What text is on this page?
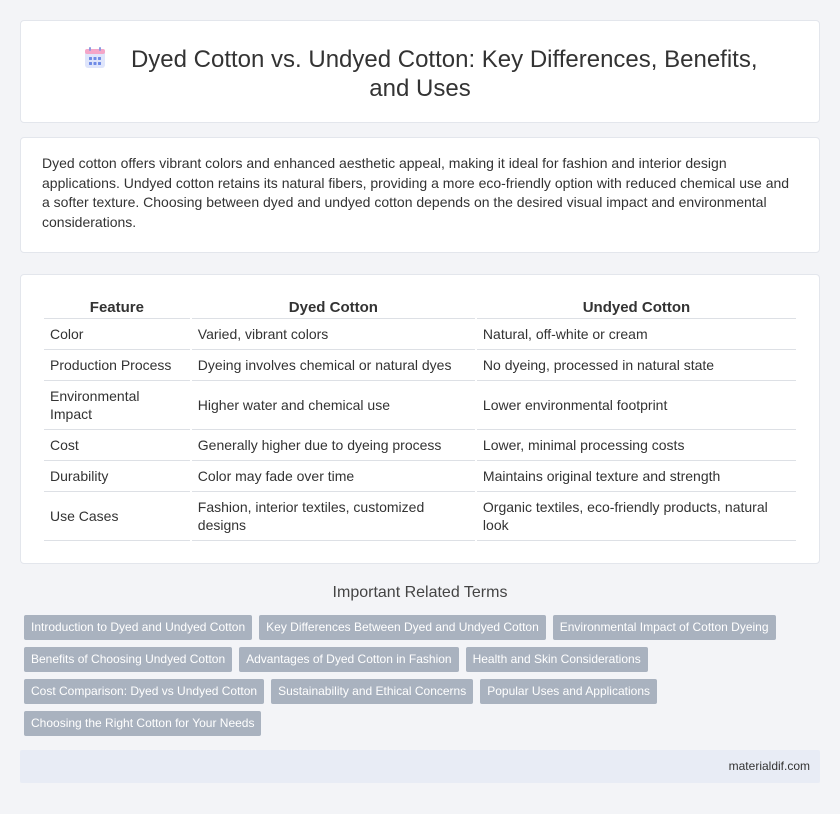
Dyed Cotton vs. Undyed Cotton: Key Differences, Benefits, and Uses

Dyed cotton offers vibrant colors and enhanced aesthetic appeal, making it ideal for fashion and interior design applications. Undyed cotton retains its natural fibers, providing a more eco-friendly option with reduced chemical use and a softer texture. Choosing between dyed and undyed cotton depends on the desired visual impact and environmental considerations.

Feature	Dyed Cotton	Undyed Cotton
Color	Varied, vibrant colors	Natural, off-white or cream
Production Process	Dyeing involves chemical or natural dyes	No dyeing, processed in natural state
Environmental Impact	Higher water and chemical use	Lower environmental footprint
Cost	Generally higher due to dyeing process	Lower, minimal processing costs
Durability	Color may fade over time	Maintains original texture and strength
Use Cases	Fashion, interior textiles, customized designs	Organic textiles, eco-friendly products, natural look
Important Related Terms
Introduction to Dyed and Undyed Cotton Key Differences Between Dyed and Undyed Cotton Environmental Impact of Cotton Dyeing
Benefits of Choosing Undyed Cotton Advantages of Dyed Cotton in Fashion Health and Skin Considerations
Cost Comparison: Dyed vs Undyed Cotton Sustainability and Ethical Concerns Popular Uses and Applications
Choosing the Right Cotton for Your Needs
materialdif.com
